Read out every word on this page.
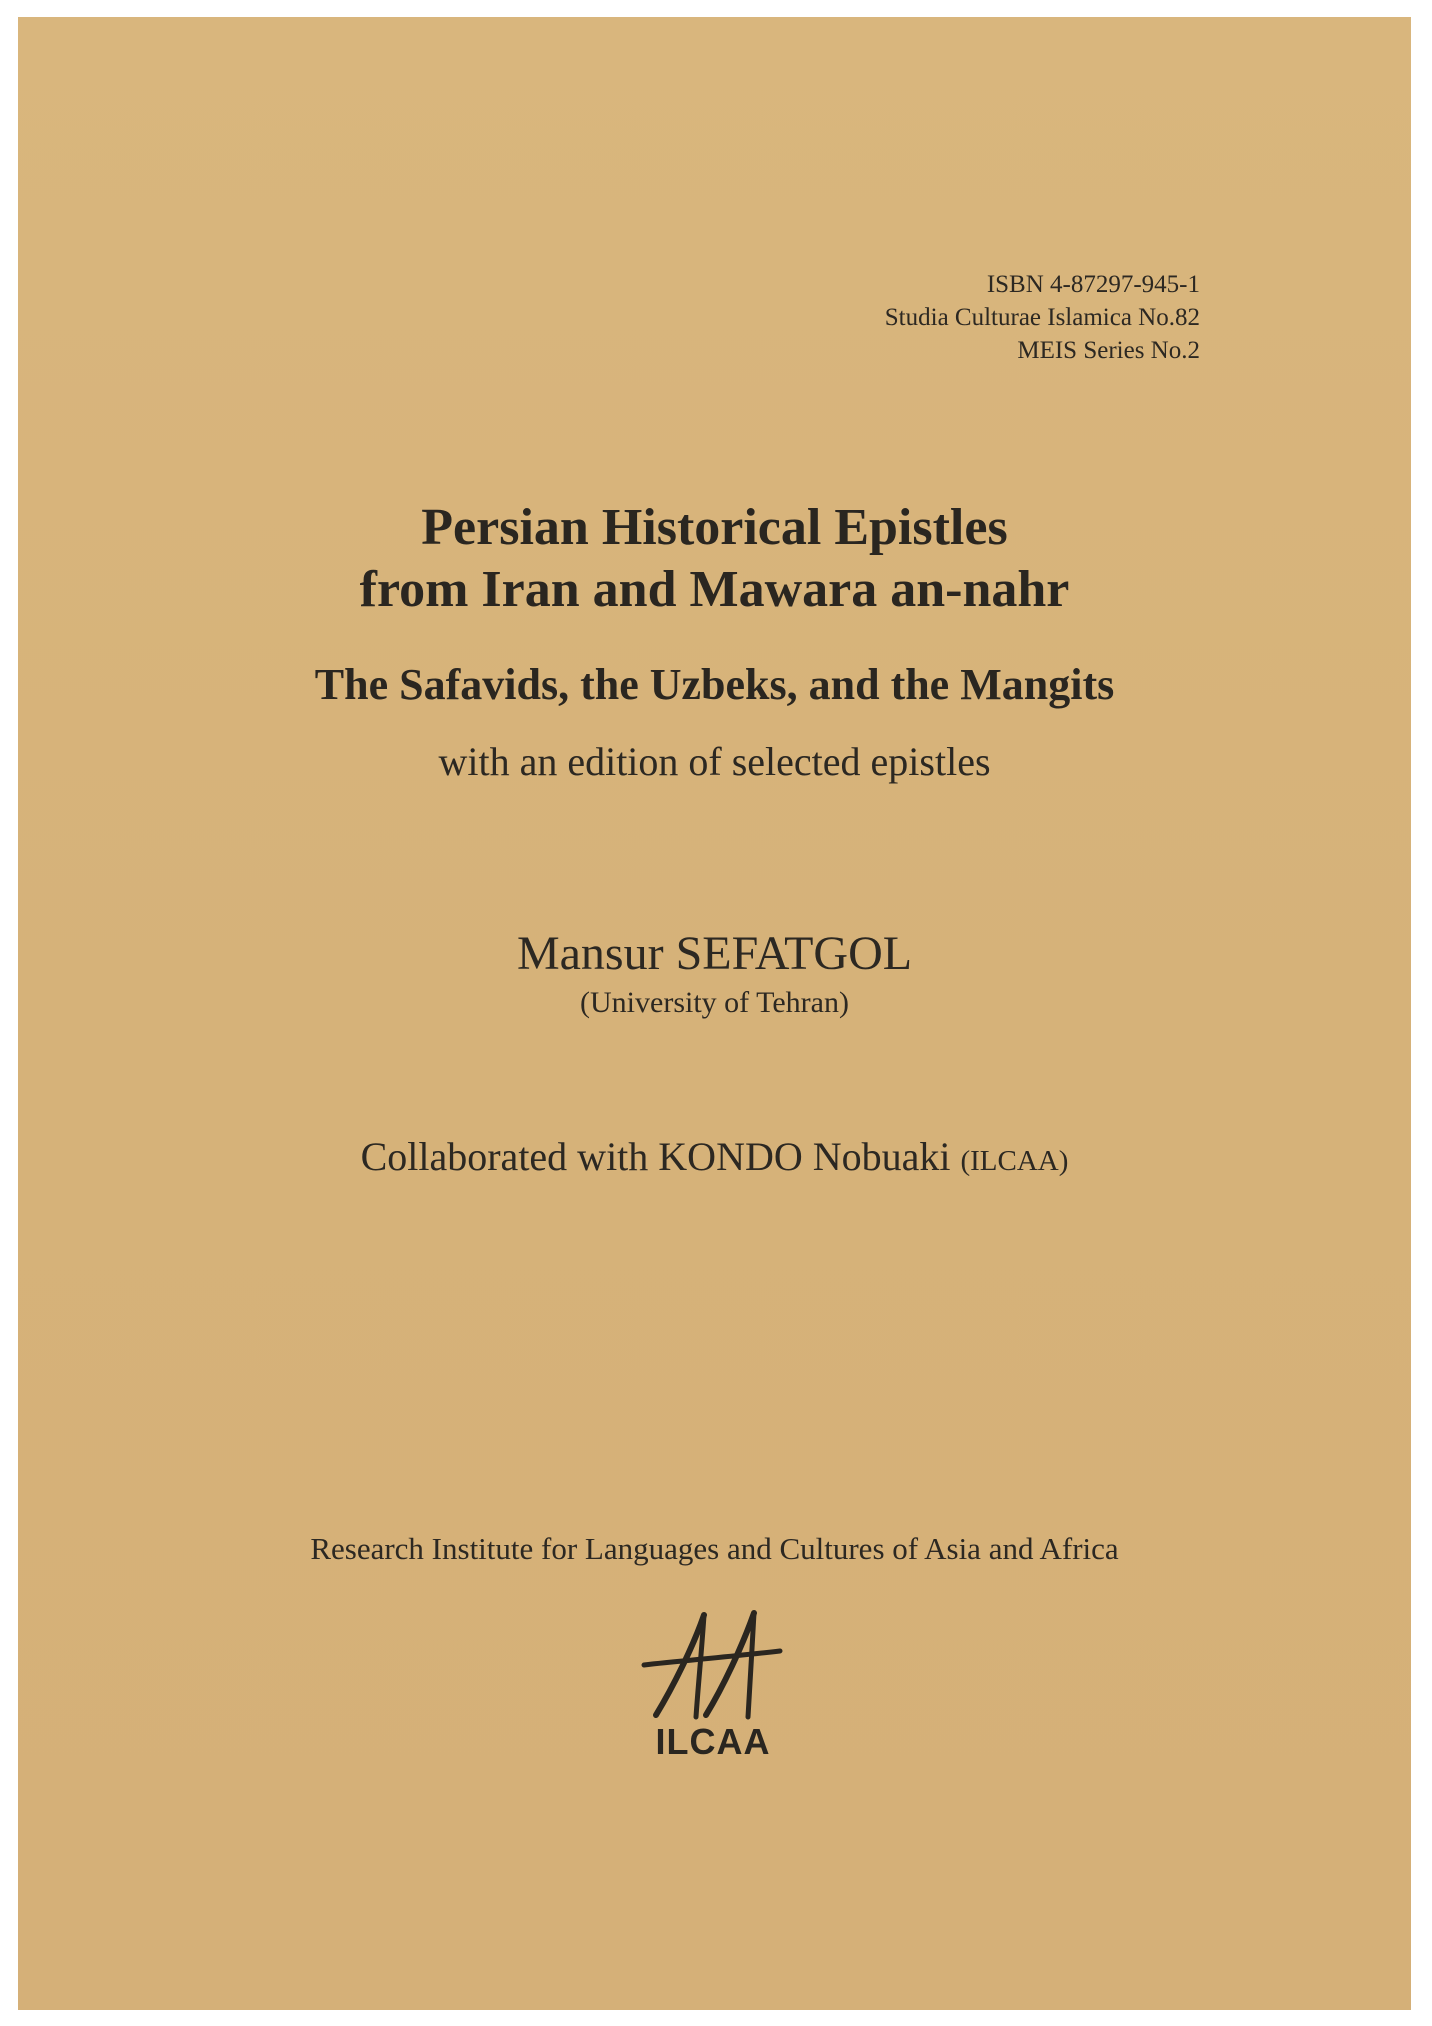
ISBN 4-87297-945-1
Studia Culturae Islamica No.82
MEIS Series No.2
Persian Historical Epistles
from Iran and Mawara an-nahr
The Safavids, the Uzbeks, and the Mangits
with an edition of selected epistles
Mansur SEFATGOL
(University of Tehran)
Collaborated with KONDO Nobuaki (ILCAA)
Research Institute for Languages and Cultures of Asia and Africa
ILCAA
